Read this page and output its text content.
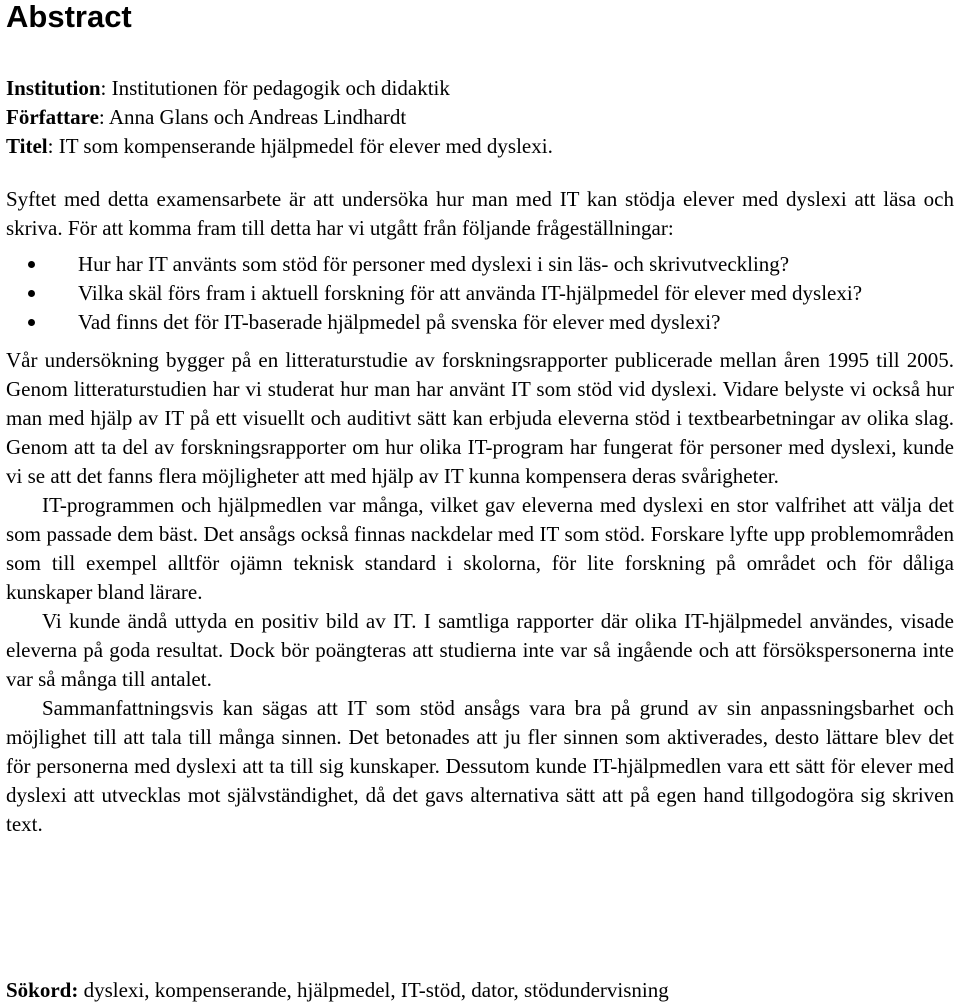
Abstract
Institution: Institutionen för pedagogik och didaktik
Författare: Anna Glans och Andreas Lindhardt
Titel: IT som kompenserande hjälpmedel för elever med dyslexi.

Syftet med detta examensarbete är att undersöka hur man med IT kan stödja elever med dyslexi att läsa och skriva. För att komma fram till detta har vi utgått från följande frågeställningar:

Hur har IT använts som stöd för personer med dyslexi i sin läs- och skrivutveckling?
Vilka skäl förs fram i aktuell forskning för att använda IT-hjälpmedel för elever med dyslexi?
Vad finns det för IT-baserade hjälpmedel på svenska för elever med dyslexi?

Vår undersökning bygger på en litteraturstudie av forskningsrapporter publicerade mellan åren 1995 till 2005. Genom litteraturstudien har vi studerat hur man har använt IT som stöd vid dyslexi. Vidare belyste vi också hur man med hjälp av IT på ett visuellt och auditivt sätt kan erbjuda eleverna stöd i textbearbetningar av olika slag. Genom att ta del av forskningsrapporter om hur olika IT-program har fungerat för personer med dyslexi, kunde vi se att det fanns flera möjligheter att med hjälp av IT kunna kompensera deras svårigheter.

IT-programmen och hjälpmedlen var många, vilket gav eleverna med dyslexi en stor valfrihet att välja det som passade dem bäst. Det ansågs också finnas nackdelar med IT som stöd. Forskare lyfte upp problemområden som till exempel alltför ojämn teknisk standard i skolorna, för lite forskning på området och för dåliga kunskaper bland lärare.

Vi kunde ändå uttyda en positiv bild av IT. I samtliga rapporter där olika IT-hjälpmedel användes, visade eleverna på goda resultat. Dock bör poängteras att studierna inte var så ingående och att försökspersonerna inte var så många till antalet.

Sammanfattningsvis kan sägas att IT som stöd ansågs vara bra på grund av sin anpassningsbarhet och möjlighet till att tala till många sinnen. Det betonades att ju fler sinnen som aktiverades, desto lättare blev det för personerna med dyslexi att ta till sig kunskaper. Dessutom kunde IT-hjälpmedlen vara ett sätt för elever med dyslexi att utvecklas mot självständighet, då det gavs alternativa sätt att på egen hand tillgodogöra sig skriven text.

Sökord: dyslexi, kompenserande, hjälpmedel, IT-stöd, dator, stödundervisning
